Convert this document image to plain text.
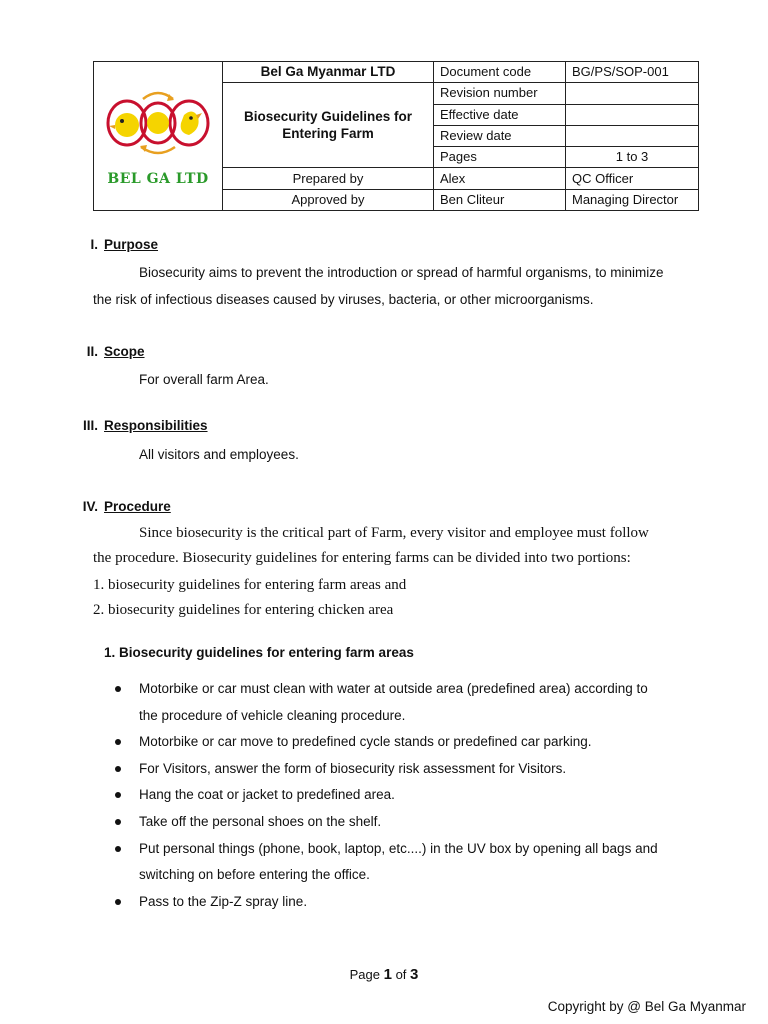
BEL GA LTD	Bel Ga Myanmar LTD	Document code	BG/PS/SOP-001
	Biosecurity Guidelines for Entering Farm	Revision number	
		Effective date	
		Review date	
		Pages	1 to 3
	Prepared by	Alex	QC Officer
	Approved by	Ben Cliteur	Managing Director
I. Purpose
Biosecurity aims to prevent the introduction or spread of harmful organisms, to minimize
the risk of infectious diseases caused by viruses, bacteria, or other microorganisms.
II. Scope
For overall farm Area.
III. Responsibilities
All visitors and employees.
IV. Procedure
Since biosecurity is the critical part of Farm, every visitor and employee must follow
the procedure. Biosecurity guidelines for entering farms can be divided into two portions:
1. biosecurity guidelines for entering farm areas and
2. biosecurity guidelines for entering chicken area
1. Biosecurity guidelines for entering farm areas
Motorbike or car must clean with water at outside area (predefined area) according to
the procedure of vehicle cleaning procedure.
Motorbike or car move to predefined cycle stands or predefined car parking.
For Visitors, answer the form of biosecurity risk assessment for Visitors.
Hang the coat or jacket to predefined area.
Take off the personal shoes on the shelf.
Put personal things (phone, book, laptop, etc....) in the UV box by opening all bags and
switching on before entering the office.
Pass to the Zip-Z spray line.
Page 1 of 3
Copyright by @ Bel Ga Myanmar
